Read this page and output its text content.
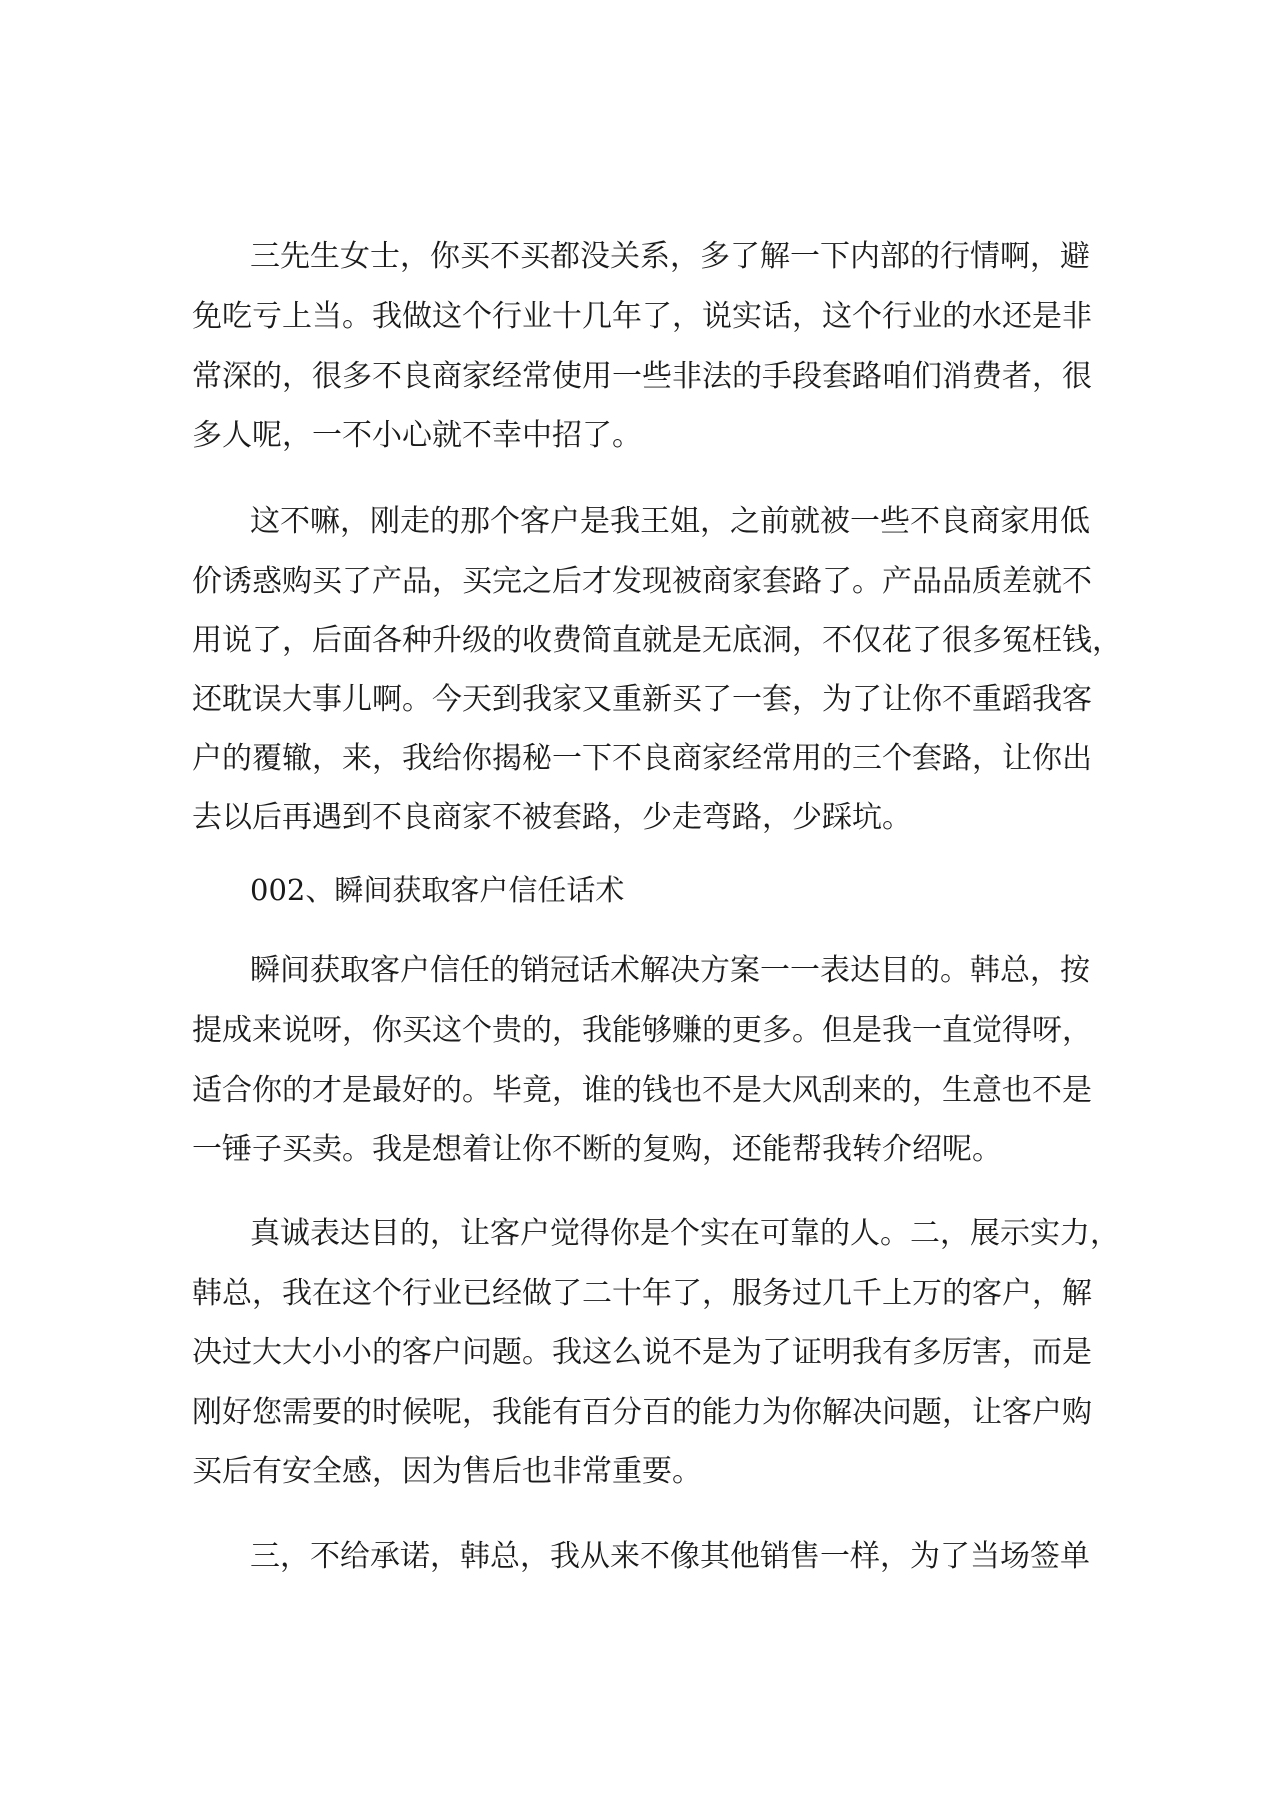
三先生女士，你买不买都没关系，多了解一下内部的行情啊，避
免吃亏上当。我做这个行业十几年了，说实话，这个行业的水还是非
常深的，很多不良商家经常使用一些非法的手段套路咱们消费者，很
多人呢，一不小心就不幸中招了。
这不嘛，刚走的那个客户是我王姐，之前就被一些不良商家用低
价诱惑购买了产品，买完之后才发现被商家套路了。产品品质差就不
用说了，后面各种升级的收费简直就是无底洞，不仅花了很多冤枉钱，
还耽误大事儿啊。今天到我家又重新买了一套，为了让你不重蹈我客
户的覆辙，来，我给你揭秘一下不良商家经常用的三个套路，让你出
去以后再遇到不良商家不被套路，少走弯路，少踩坑。
002、瞬间获取客户信任话术
瞬间获取客户信任的销冠话术解决方案一一表达目的。韩总，按
提成来说呀，你买这个贵的，我能够赚的更多。但是我一直觉得呀，
适合你的才是最好的。毕竟，谁的钱也不是大风刮来的，生意也不是
一锤子买卖。我是想着让你不断的复购，还能帮我转介绍呢。
真诚表达目的，让客户觉得你是个实在可靠的人。二，展示实力，
韩总，我在这个行业已经做了二十年了，服务过几千上万的客户，解
决过大大小小的客户问题。我这么说不是为了证明我有多厉害，而是
刚好您需要的时候呢，我能有百分百的能力为你解决问题，让客户购
买后有安全感，因为售后也非常重要。
三，不给承诺，韩总，我从来不像其他销售一样，为了当场签单
